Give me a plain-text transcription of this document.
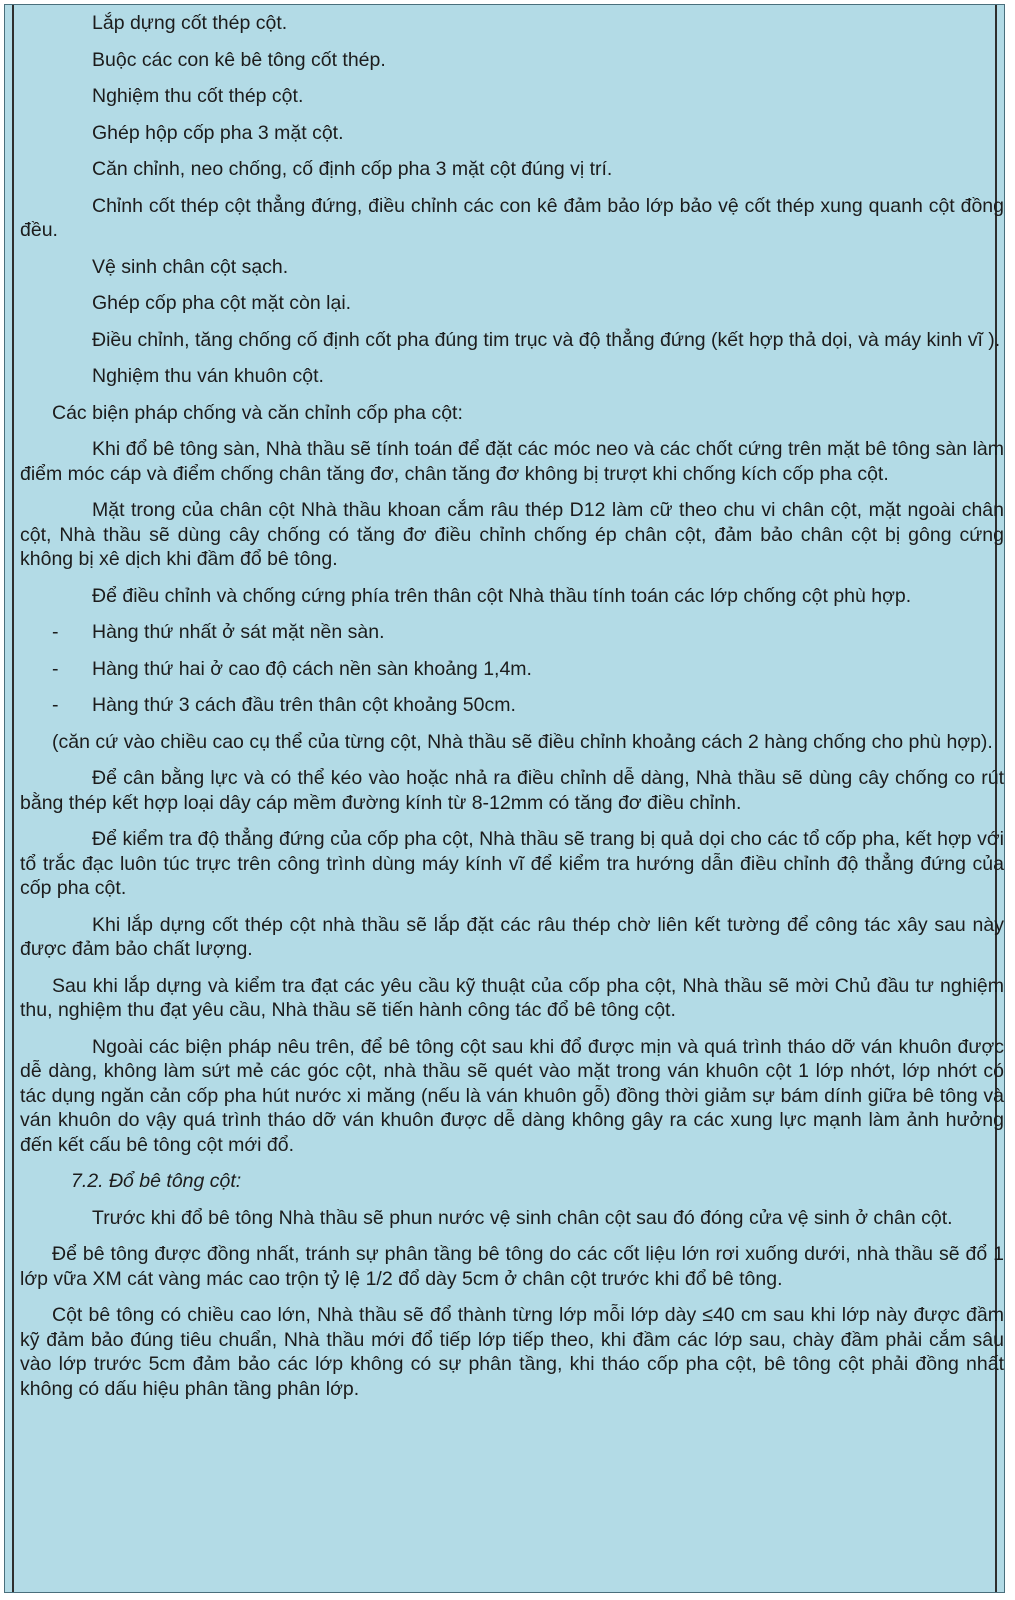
Lắp dựng cốt thép cột.

Buộc các con kê bê tông cốt thép.

Nghiệm thu cốt thép cột.

Ghép hộp cốp pha 3 mặt cột.

Căn chỉnh, neo chống, cố định cốp pha 3 mặt cột đúng vị trí.

Chỉnh cốt thép cột thẳng đứng, điều chỉnh các con kê đảm bảo lớp bảo vệ cốt thép xung quanh cột đồng đều.

Vệ sinh chân cột sạch.

Ghép cốp pha cột mặt còn lại.

Điều chỉnh, tăng chống cố định cốt pha đúng tim trục và độ thẳng đứng (kết hợp thả dọi, và máy kinh vĩ ).

Nghiệm thu ván khuôn cột.

Các biện pháp chống và căn chỉnh cốp pha cột:

Khi đổ bê tông sàn, Nhà thầu sẽ tính toán để đặt các móc neo và các chốt cứng trên mặt bê tông sàn làm điểm móc cáp và điểm chống chân tăng đơ, chân tăng đơ không bị trượt khi chống kích cốp pha cột.

Mặt trong của chân cột Nhà thầu khoan cắm râu thép D12 làm cữ theo chu vi chân cột, mặt ngoài chân cột, Nhà thầu sẽ dùng cây chống có tăng đơ điều chỉnh chống ép chân cột, đảm bảo chân cột bị gông cứng không bị xê dịch khi đầm đổ bê tông.

Để điều chỉnh và chống cứng phía trên thân cột Nhà thầu tính toán các lớp chống cột phù hợp.

-	Hàng thứ nhất ở sát mặt nền sàn.
-	Hàng thứ hai ở cao độ cách nền sàn khoảng 1,4m.
-	Hàng thứ 3 cách đầu trên thân cột khoảng 50cm.

(căn cứ vào chiều cao cụ thể của từng cột, Nhà thầu sẽ điều chỉnh khoảng cách 2 hàng chống cho phù hợp).

Để cân bằng lực và có thể kéo vào hoặc nhả ra điều chỉnh dễ dàng, Nhà thầu sẽ dùng cây chống co rút bằng thép kết hợp loại dây cáp mềm đường kính từ 8-12mm có tăng đơ điều chỉnh.

Để kiểm tra độ thẳng đứng của cốp pha cột, Nhà thầu sẽ trang bị quả dọi cho các tổ cốp pha, kết hợp với tổ trắc đạc luôn túc trực trên công trình dùng máy kính vĩ để kiểm tra hướng dẫn điều chỉnh độ thẳng đứng của cốp pha cột.

Khi lắp dựng cốt thép cột nhà thầu sẽ lắp đặt các râu thép chờ liên kết tường để công tác xây sau này được đảm bảo chất lượng.

Sau khi lắp dựng và kiểm tra đạt các yêu cầu kỹ thuật của cốp pha cột, Nhà thầu sẽ mời Chủ đầu tư nghiệm thu, nghiệm thu đạt yêu cầu, Nhà thầu sẽ tiến hành công tác đổ bê tông cột.

Ngoài các biện pháp nêu trên, để bê tông cột sau khi đổ được mịn và quá trình tháo dỡ ván khuôn được dễ dàng, không làm sứt mẻ các góc cột, nhà thầu sẽ quét vào mặt trong ván khuôn cột 1 lớp nhớt, lớp nhớt có tác dụng ngăn cản cốp pha hút nước xi măng (nếu là ván khuôn gỗ) đồng thời giảm sự bám dính giữa bê tông và ván khuôn do vậy quá trình tháo dỡ ván khuôn được dễ dàng không gây ra các xung lực mạnh làm ảnh hưởng đến kết cấu bê tông cột mới đổ.

7.2. Đổ bê tông cột:

Trước khi đổ bê tông Nhà thầu sẽ phun nước vệ sinh chân cột sau đó đóng cửa vệ sinh ở chân cột.

Để bê tông được đồng nhất, tránh sự phân tầng bê tông do các cốt liệu lớn rơi xuống dưới, nhà thầu sẽ đổ 1 lớp vữa XM cát vàng mác cao trộn tỷ lệ 1/2 đổ dày 5cm ở chân cột trước khi đổ bê tông.

Cột bê tông có chiều cao lớn, Nhà thầu sẽ đổ thành từng lớp mỗi lớp dày ≤40 cm sau khi lớp này được đầm kỹ đảm bảo đúng tiêu chuẩn, Nhà thầu mới đổ tiếp lớp tiếp theo, khi đầm các lớp sau, chày đầm phải cắm sâu vào lớp trước 5cm đảm bảo các lớp không có sự phân tầng, khi tháo cốp pha cột, bê tông cột phải đồng nhất không có dấu hiệu phân tầng phân lớp.
